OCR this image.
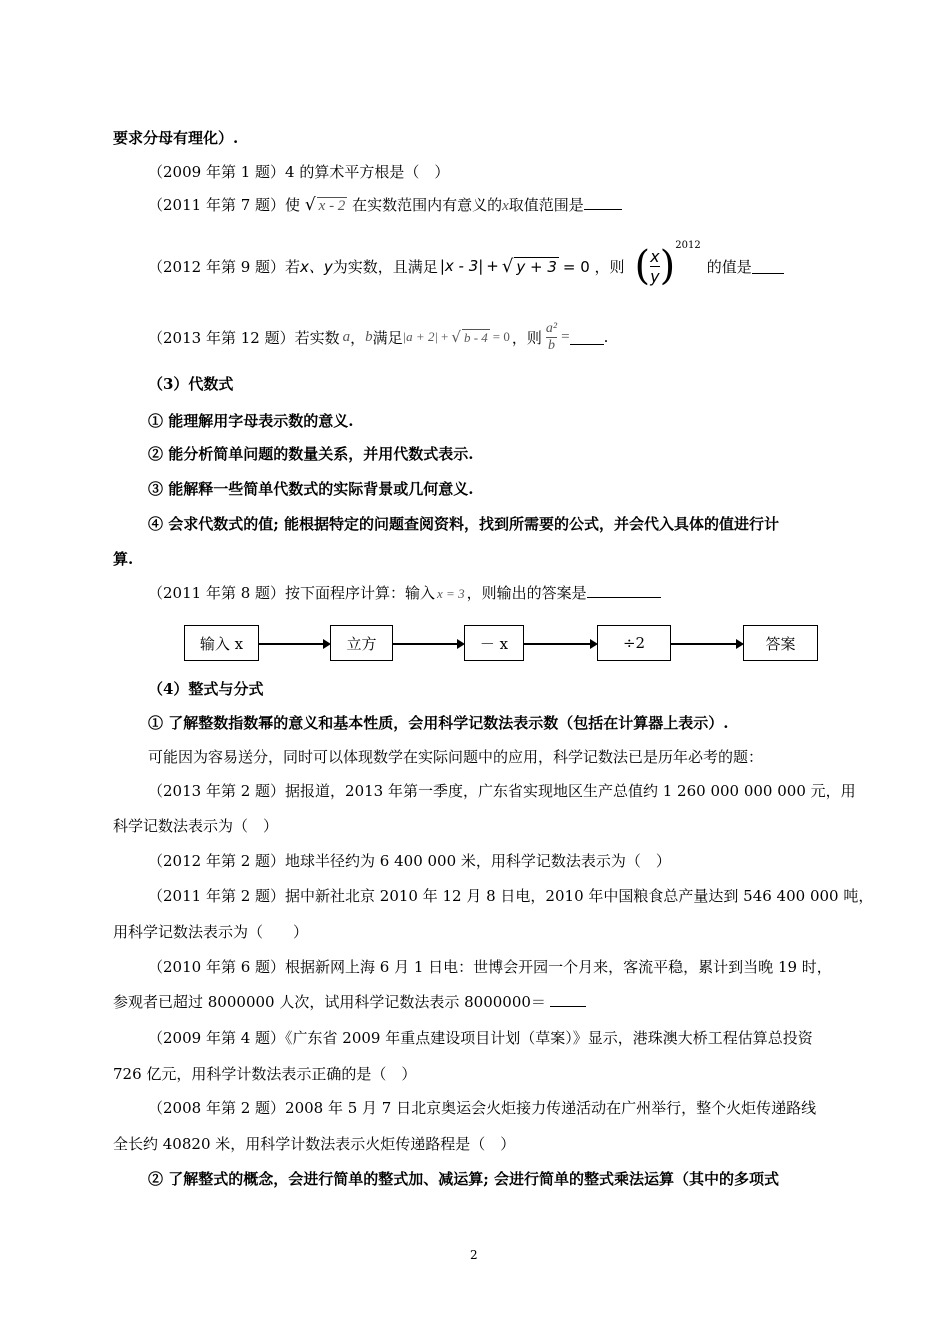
要求分母有理化）.
（2009 年第 1 题）4 的算术平方根是（　）
（2011 年第 7 题）使 √ x - 2 在实数范围内有意义的x取值范围是
（2012 年第 9 题）若 x、y 为实数，且满足 |x - 3| + √ y + 3 = 0 ，则 ( $\frac{x}{y}$ ) 2012
的值是
（2013 年第 12 题）若实数 a ， b 满足 |a + 2| + √ b - 4 = 0 ，则 $\frac{\text{a²}}{b}$ = .
（3）代数式
① 能理解用字母表示数的意义.
② 能分析简单问题的数量关系，并用代数式表示.
③ 能解释一些简单代数式的实际背景或几何意义.
④ 会求代数式的值; 能根据特定的问题查阅资料，找到所需要的公式，并会代入具体的值进行计
算.
（2011 年第 8 题）按下面程序计算：输入 x = 3 ，则输出的答案是
输入 x	立方	－ x	÷2	答案
（4）整式与分式
① 了解整数指数幂的意义和基本性质，会用科学记数法表示数（包括在计算器上表示）.
可能因为容易送分，同时可以体现数学在实际问题中的应用，科学记数法已是历年必考的题：
（2013 年第 2 题）据报道，2013 年第一季度，广东省实现地区生产总值约 1 260 000 000 000 元，用
科学记数法表示为（　）
（2012 年第 2 题）地球半径约为 6 400 000 米，用科学记数法表示为（　）
（2011 年第 2 题）据中新社北京 2010 年 12 月 8 日电，2010 年中国粮食总产量达到 546 400 000 吨，
用科学记数法表示为（　　）
（2010 年第 6 题）根据新网上海 6 月 1 日电：世博会开园一个月来，客流平稳，累计到当晚 19 时，
参观者已超过 8000000 人次，试用科学记数法表示 8000000＝
（2009 年第 4 题）《广东省 2009 年重点建设项目计划（草案）》显示，港珠澳大桥工程估算总投资
726 亿元，用科学计数法表示正确的是（　）
（2008 年第 2 题）2008 年 5 月 7 日北京奥运会火炬接力传递活动在广州举行，整个火炬传递路线
全长约 40820 米，用科学计数法表示火炬传递路程是（　）
② 了解整式的概念，会进行简单的整式加、减运算; 会进行简单的整式乘法运算（其中的多项式
2
